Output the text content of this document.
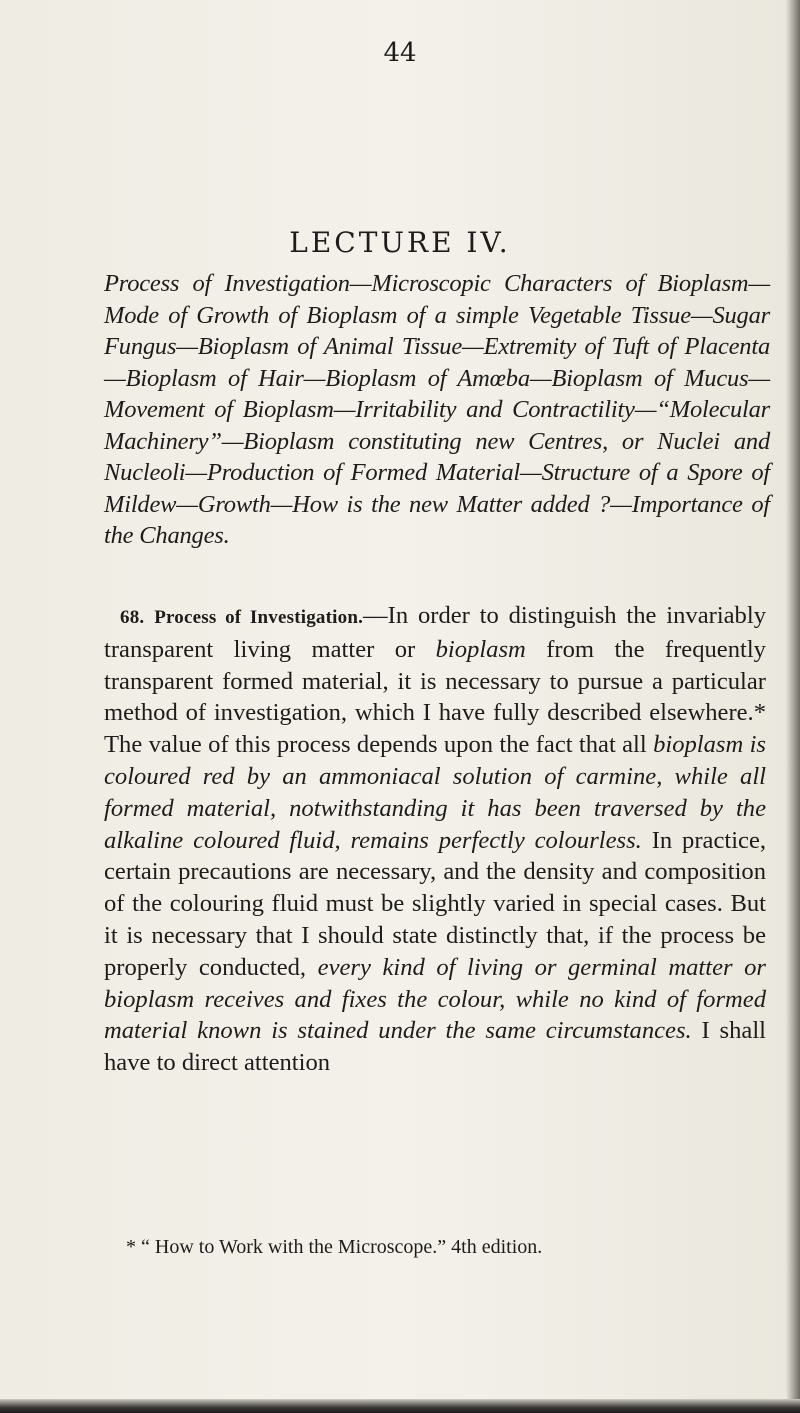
44
LECTURE IV.
Process of Investigation—Microscopic Characters of Bioplasm—Mode of Growth of Bioplasm of a simple Vegetable Tissue—Sugar Fungus—Bioplasm of Animal Tissue—Extremity of Tuft of Placenta—Bioplasm of Hair—Bioplasm of Amœba—Bioplasm of Mucus—Movement of Bioplasm—Irritability and Contractility—“Molecular Machinery”—Bioplasm constituting new Centres, or Nuclei and Nucleoli—Production of Formed Material—Structure of a Spore of Mildew—Growth—How is the new Matter added ?—Importance of the Changes.
68. Process of Investigation.—In order to distinguish the invariably transparent living matter or bioplasm from the frequently transparent formed material, it is necessary to pursue a particular method of investigation, which I have fully described elsewhere.* The value of this process depends upon the fact that all bioplasm is coloured red by an ammoniacal solution of carmine, while all formed material, notwithstanding it has been traversed by the alkaline coloured fluid, remains perfectly colourless. In practice, certain precautions are necessary, and the density and composition of the colouring fluid must be slightly varied in special cases. But it is necessary that I should state distinctly that, if the process be properly conducted, every kind of living or germinal matter or bioplasm receives and fixes the colour, while no kind of formed material known is stained under the same circumstances. I shall have to direct attention
* “ How to Work with the Microscope.” 4th edition.
